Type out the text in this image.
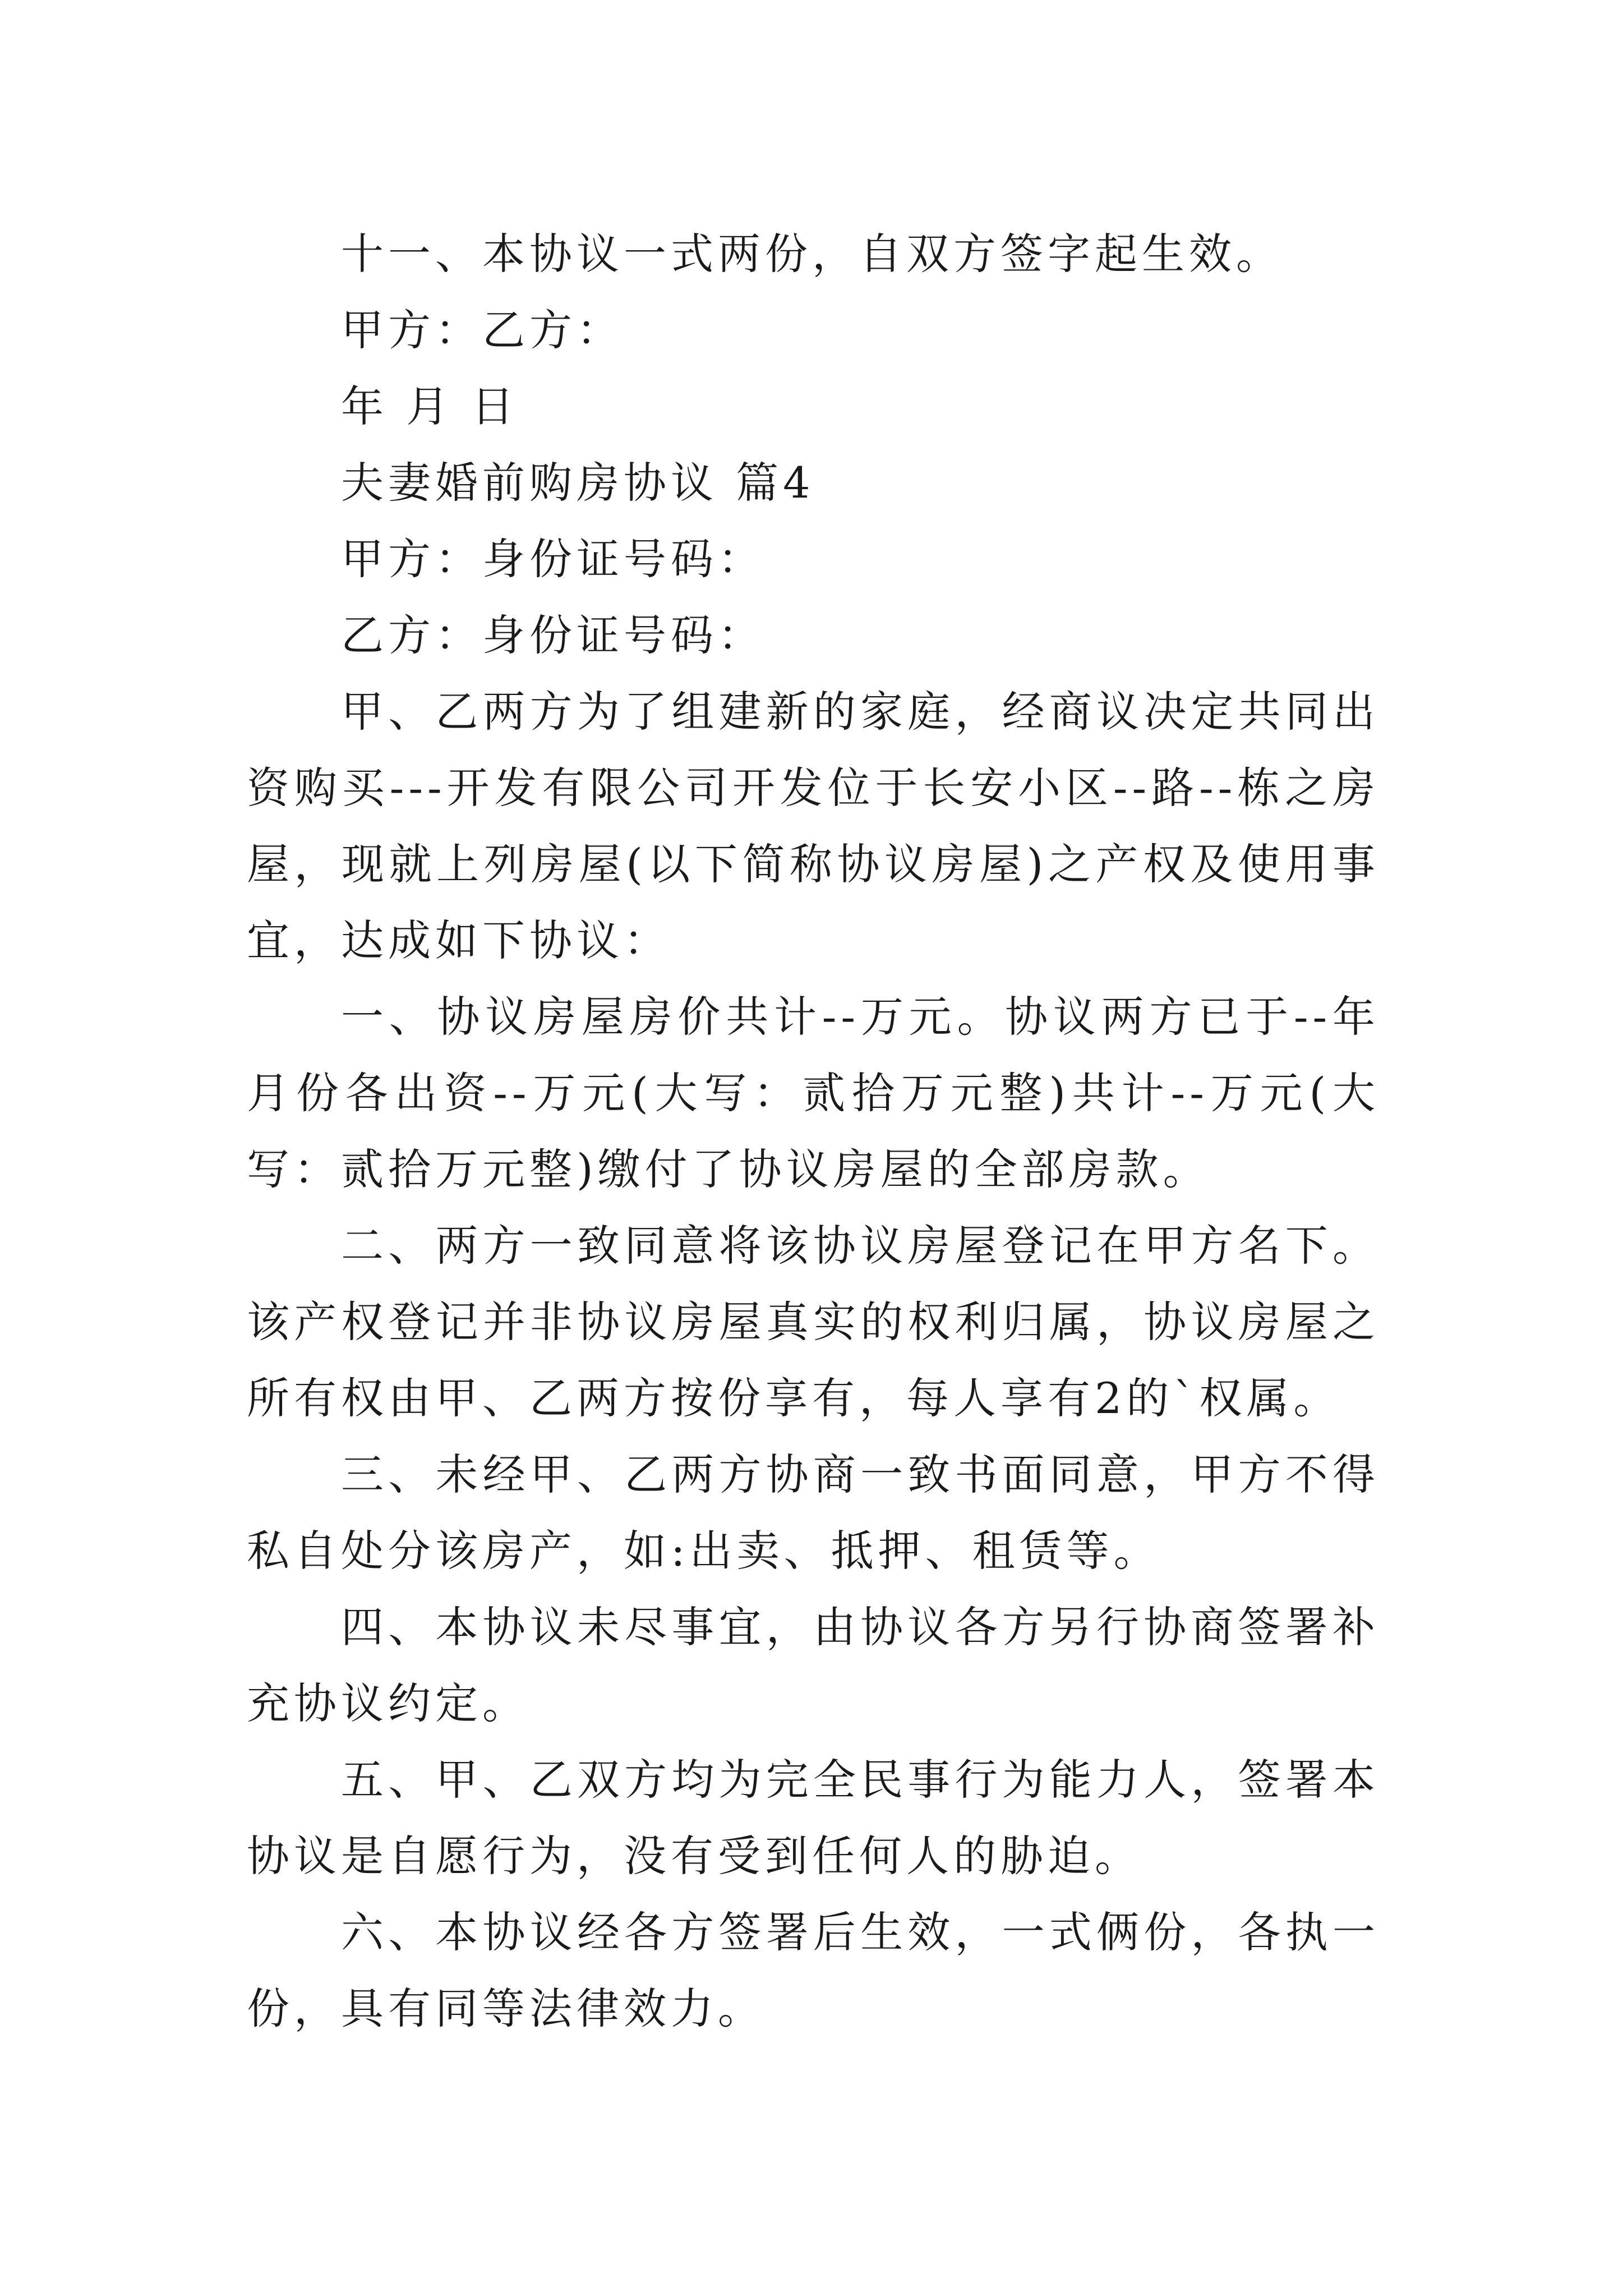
十一、本协议一式两份，自双方签字起生效。

甲方：乙方：

年 月 日

夫妻婚前购房协议 篇4

甲方：身份证号码：

乙方：身份证号码：

甲、乙两方为了组建新的家庭，经商议决定共同出资购买---开发有限公司开发位于长安小区--路--栋之房屋，现就上列房屋(以下简称协议房屋)之产权及使用事宜，达成如下协议：

一、协议房屋房价共计--万元。协议两方已于--年月份各出资--万元(大写：贰拾万元整)共计--万元(大写：贰拾万元整)缴付了协议房屋的全部房款。

二、两方一致同意将该协议房屋登记在甲方名下。该产权登记并非协议房屋真实的权利归属，协议房屋之所有权由甲、乙两方按份享有，每人享有2的`权属。

三、未经甲、乙两方协商一致书面同意，甲方不得私自处分该房产，如:出卖、抵押、租赁等。

四、本协议未尽事宜，由协议各方另行协商签署补充协议约定。

五、甲、乙双方均为完全民事行为能力人，签署本协议是自愿行为，没有受到任何人的胁迫。

六、本协议经各方签署后生效，一式俩份，各执一份，具有同等法律效力。
